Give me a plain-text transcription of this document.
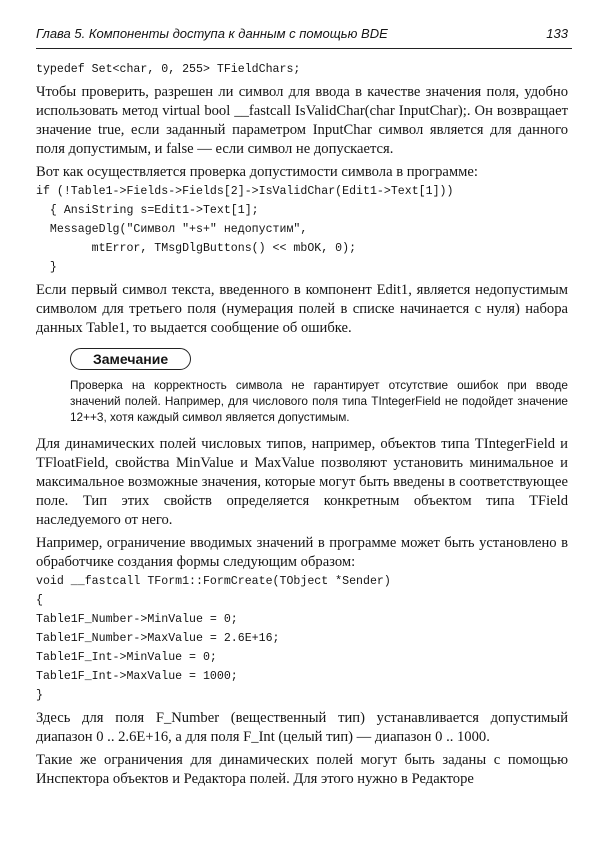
Глава 5. Компоненты доступа к данным с помощью BDE	133
typedef Set<char, 0, 255> TFieldChars;

Чтобы проверить, разрешен ли символ для ввода в качестве значения поля, удобно использовать метод virtual bool __fastcall IsValidChar(char InputChar);. Он возвращает значение true, если заданный параметром InputChar символ является для данного поля допустимым, и false — если символ не допускается.

Вот как осуществляется проверка допустимости символа в программе:

if (!Table1->Fields->Fields[2]->IsValidChar(Edit1->Text[1]))
{ AnsiString s=Edit1->Text[1];
MessageDlg("Символ "+s+" недопустим",
mtError, TMsgDlgButtons() << mbOK, 0);
}

Если первый символ текста, введенного в компонент Edit1, является недопустимым символом для третьего поля (нумерация полей в списке начинается с нуля) набора данных Table1, то выдается сообщение об ошибке.

Замечание

Проверка на корректность символа не гарантирует отсутствие ошибок при вводе значений полей. Например, для числового поля типа TIntegerField не подойдет значение 12++3, хотя каждый символ является допустимым.

Для динамических полей числовых типов, например, объектов типа TIntegerField и TFloatField, свойства MinValue и MaxValue позволяют установить минимальное и максимальное возможные значения, которые могут быть введены в соответствующее поле. Тип этих свойств определяется конкретным объектом типа TField наследуемого от него.

Например, ограничение вводимых значений в программе может быть установлено в обработчике создания формы следующим образом:

void __fastcall TForm1::FormCreate(TObject *Sender)
{
Table1F_Number->MinValue = 0;
Table1F_Number->MaxValue = 2.6E+16;
Table1F_Int->MinValue = 0;
Table1F_Int->MaxValue = 1000;
}

Здесь для поля F_Number (вещественный тип) устанавливается допустимый диапазон 0 .. 2.6E+16, а для поля F_Int (целый тип) — диапазон 0 .. 1000.

Такие же ограничения для динамических полей могут быть заданы с помощью Инспектора объектов и Редактора полей. Для этого нужно в Редакторе
